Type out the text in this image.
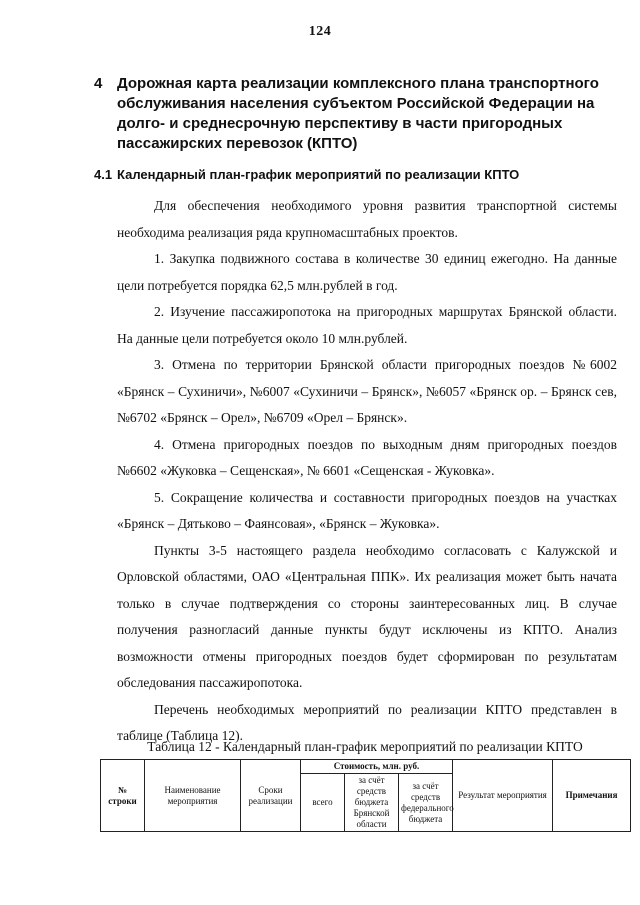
124
4 Дорожная карта реализации комплексного плана транспортного обслуживания населения субъектом Российской Федерации на долго- и среднесрочную перспективу в части пригородных пассажирских перевозок (КПТО)
4.1 Календарный план-график мероприятий по реализации КПТО

Для обеспечения необходимого уровня развития транспортной системы необходима реализация ряда крупномасштабных проектов.

1. Закупка подвижного состава в количестве 30 единиц ежегодно. На данные цели потребуется порядка 62,5 млн.рублей в год.

2. Изучение пассажиропотока на пригородных маршрутах Брянской области. На данные цели потребуется около 10 млн.рублей.

3. Отмена по территории Брянской области пригородных поездов №6002 «Брянск – Сухиничи», №6007 «Сухиничи – Брянск», №6057 «Брянск ор. – Брянск сев, №6702 «Брянск – Орел», №6709 «Орел – Брянск».

4. Отмена пригородных поездов по выходным дням пригородных поездов №6602 «Жуковка – Сещенская», № 6601 «Сещенская - Жуковка».

5. Сокращение количества и составности пригородных поездов на участках «Брянск – Дятьково – Фаянсовая», «Брянск – Жуковка».

Пункты 3-5 настоящего раздела необходимо согласовать с Калужской и Орловской областями, ОАО «Центральная ППК». Их реализация может быть начата только в случае подтверждения со стороны заинтересованных лиц. В случае получения разногласий данные пункты будут исключены из КПТО. Анализ возможности отмены пригородных поездов будет сформирован по результатам обследования пассажиропотока.

Перечень необходимых мероприятий по реализации КПТО представлен в таблице (Таблица 12).

Таблица 12 - Календарный план-график мероприятий по реализации КПТО
№ строки	Наименование мероприятия	Сроки реализации	Стоимость, млн. руб.			Результат мероприятия	Примечания
			всего	за счёт средств бюджета Брянской области	за счёт средств федерального бюджета		
